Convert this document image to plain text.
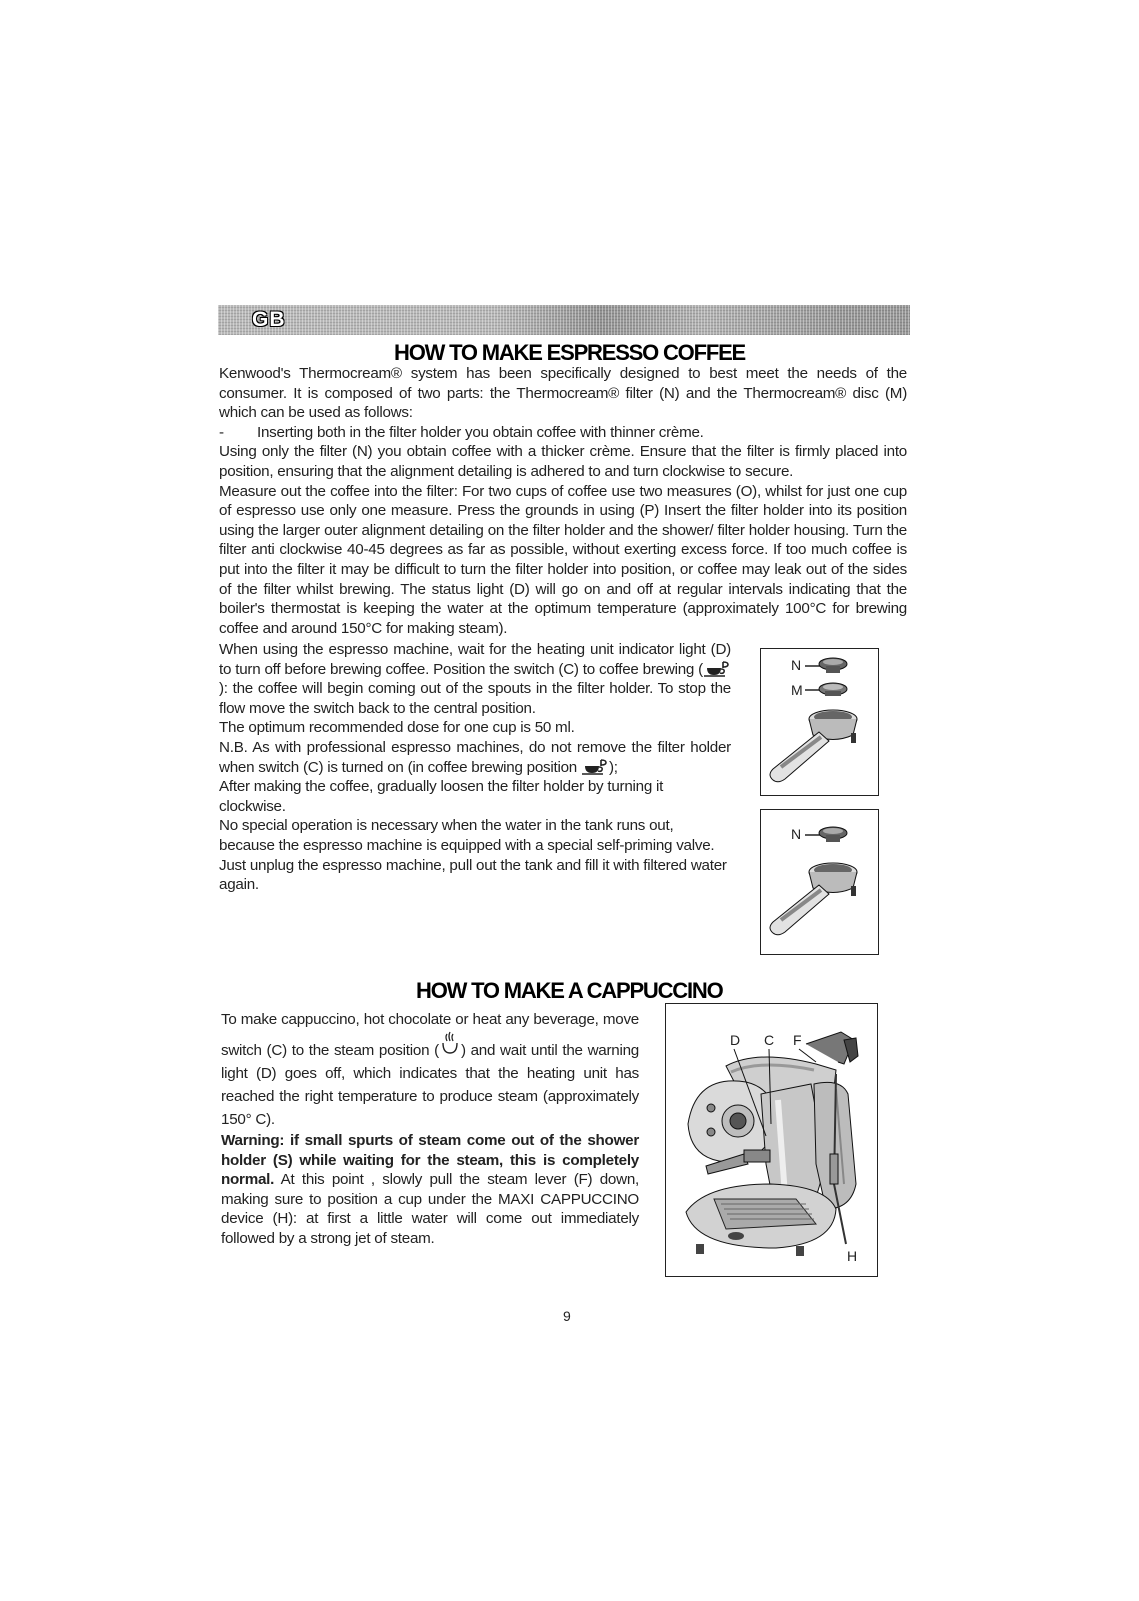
GB
HOW TO MAKE ESPRESSO COFFEE

Kenwood's Thermocream® system has been specifically designed to best meet the needs of the consumer. It is composed of two parts: the Thermocream® filter (N) and the Thermocream® disc (M) which can be used as follows:

-	Inserting both in the filter holder you obtain coffee with thinner crème.

Using only the filter (N) you obtain coffee with a thicker crème. Ensure that the filter is firmly placed into position, ensuring that the alignment detailing is adhered to and turn clockwise to secure.

Measure out the coffee into the filter: For two cups of coffee use two measures (O), whilst for just one cup of espresso use only one measure. Press the grounds in using (P) Insert the filter holder into its position using the larger outer alignment detailing on the filter holder and the shower/ filter holder housing. Turn the filter anti clockwise 40-45 degrees as far as possible, without exerting excess force. If too much coffee is put into the filter it may be difficult to turn the filter holder into position, or coffee may leak out of the sides of the filter whilst brewing. The status light (D) will go on and off at regular intervals indicating that the boiler's thermostat is keeping the water at the optimum temperature (approximately 100°C for brewing coffee and around 150°C for making steam).

When using the espresso machine, wait for the heating unit indicator light (D) to turn off before brewing coffee. Position the switch (C) to coffee brewing (): the coffee will begin coming out of the spouts in the filter holder. To stop the flow move the switch back to the central position.

The optimum recommended dose for one cup is 50 ml.

N.B. As with professional espresso machines, do not remove the filter holder when switch (C) is turned on (in coffee brewing position );

After making the coffee, gradually loosen the filter holder by turning it clockwise.

No special operation is necessary when the water in the tank runs out, because the espresso machine is equipped with a special self-priming valve. Just unplug the espresso machine, pull out the tank and fill it with filtered water again.

N
M
N
HOW TO MAKE A CAPPUCCINO

To make cappuccino, hot chocolate or heat any beverage, move switch (C) to the steam position ( ) and wait until the warning light (D) goes off, which indicates that the heating unit has reached the right temperature to produce steam (approximately 150° C).

Warning: if small spurts of steam come out of the shower holder (S) while waiting for the steam, this is completely normal. At this point , slowly pull the steam lever (F) down, making sure to position a cup under the MAXI CAPPUCCINO device (H): at first a little water will come out immediately followed by a strong jet of steam.

D C F
H
9
